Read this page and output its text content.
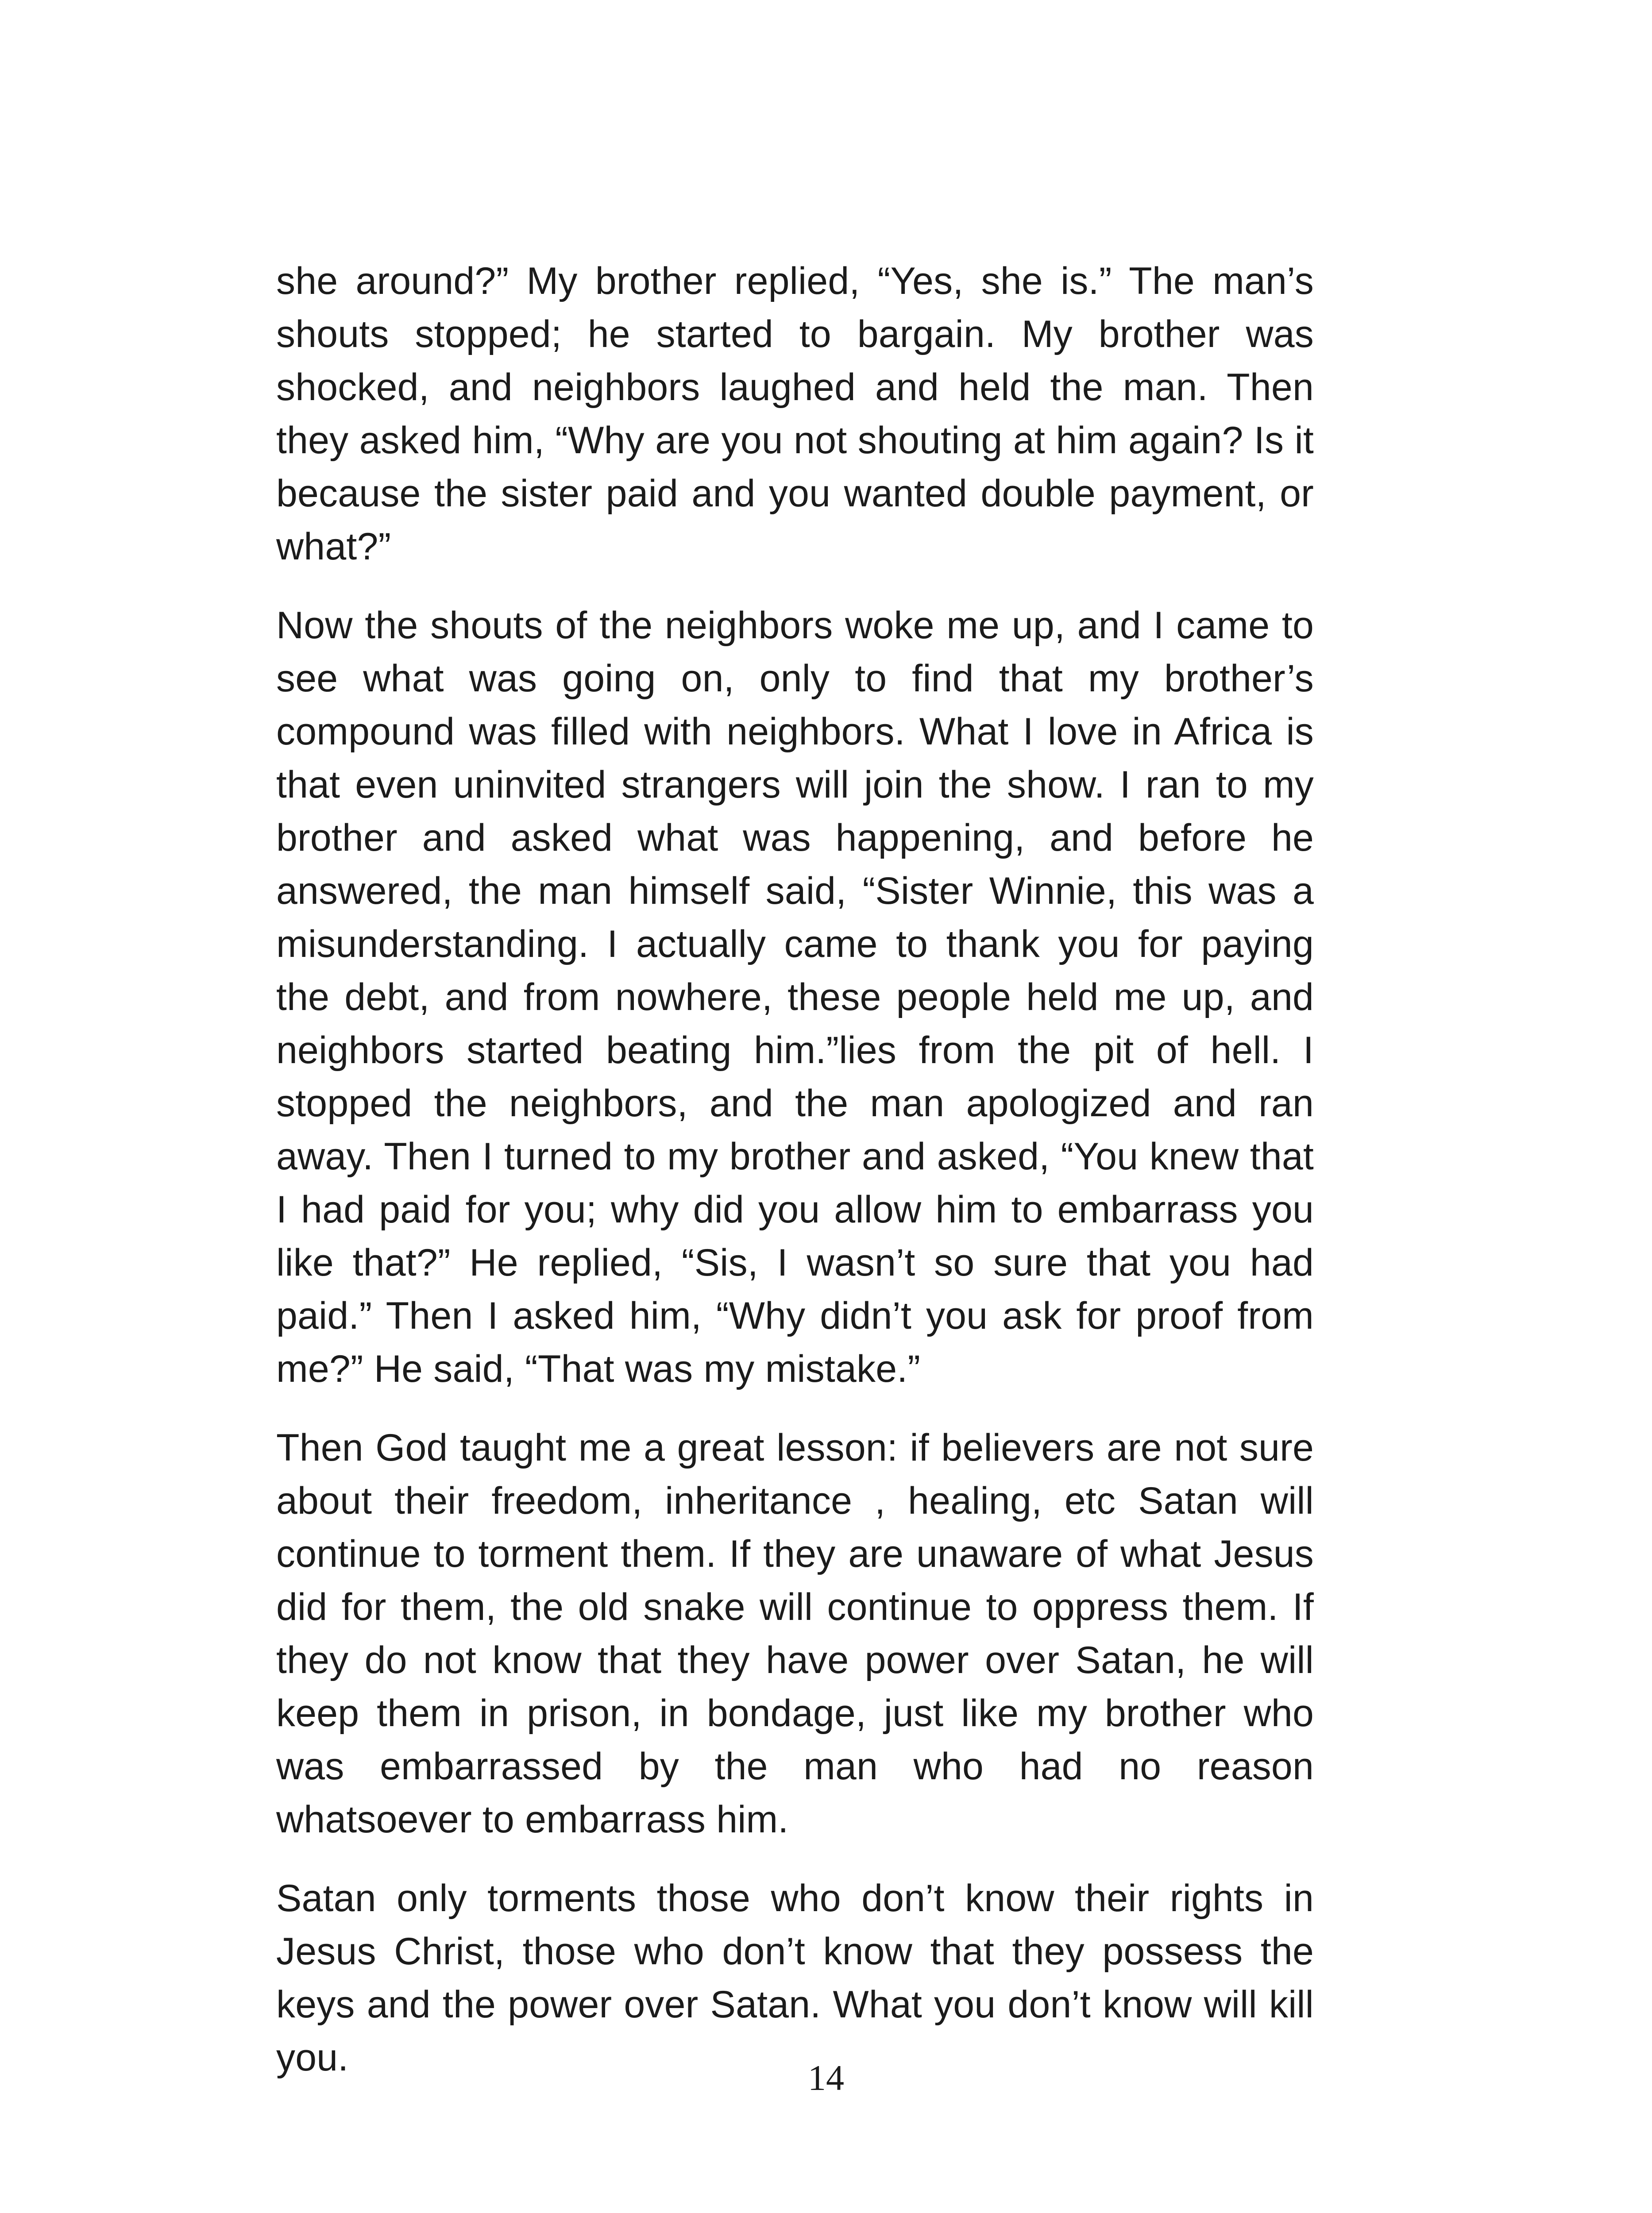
she around?” My brother replied, “Yes, she is.” The man’s shouts stopped; he started to bargain. My brother was shocked, and neighbors laughed and held the man. Then they asked him, “Why are you not shouting at him again? Is it because the sister paid and you wanted double payment, or what?”

Now the shouts of the neighbors woke me up, and I came to see what was going on, only to find that my brother’s compound was filled with neighbors. What I love in Africa is that even uninvited strangers will join the show. I ran to my brother and asked what was happening, and before he answered, the man himself said, “Sister Winnie, this was a misunderstanding. I actually came to thank you for paying the debt, and from nowhere, these people held me up, and neighbors started beating him.”lies from the pit of hell. I stopped the neighbors, and the man apologized and ran away. Then I turned to my brother and asked, “You knew that I had paid for you; why did you allow him to embarrass you like that?” He replied, “Sis, I wasn’t so sure that you had paid.” Then I asked him, “Why didn’t you ask for proof from me?” He said, “That was my mistake.”

Then God taught me a great lesson: if believers are not sure about their freedom, inheritance , healing, etc Satan will continue to torment them. If they are unaware of what Jesus did for them, the old snake will continue to oppress them. If they do not know that they have power over Satan, he will keep them in prison, in bondage, just like my brother who was embarrassed by the man who had no reason whatsoever to embarrass him.

Satan only torments those who don’t know their rights in Jesus Christ, those who don’t know that they possess the keys and the power over Satan. What you don’t know will kill you.	14
